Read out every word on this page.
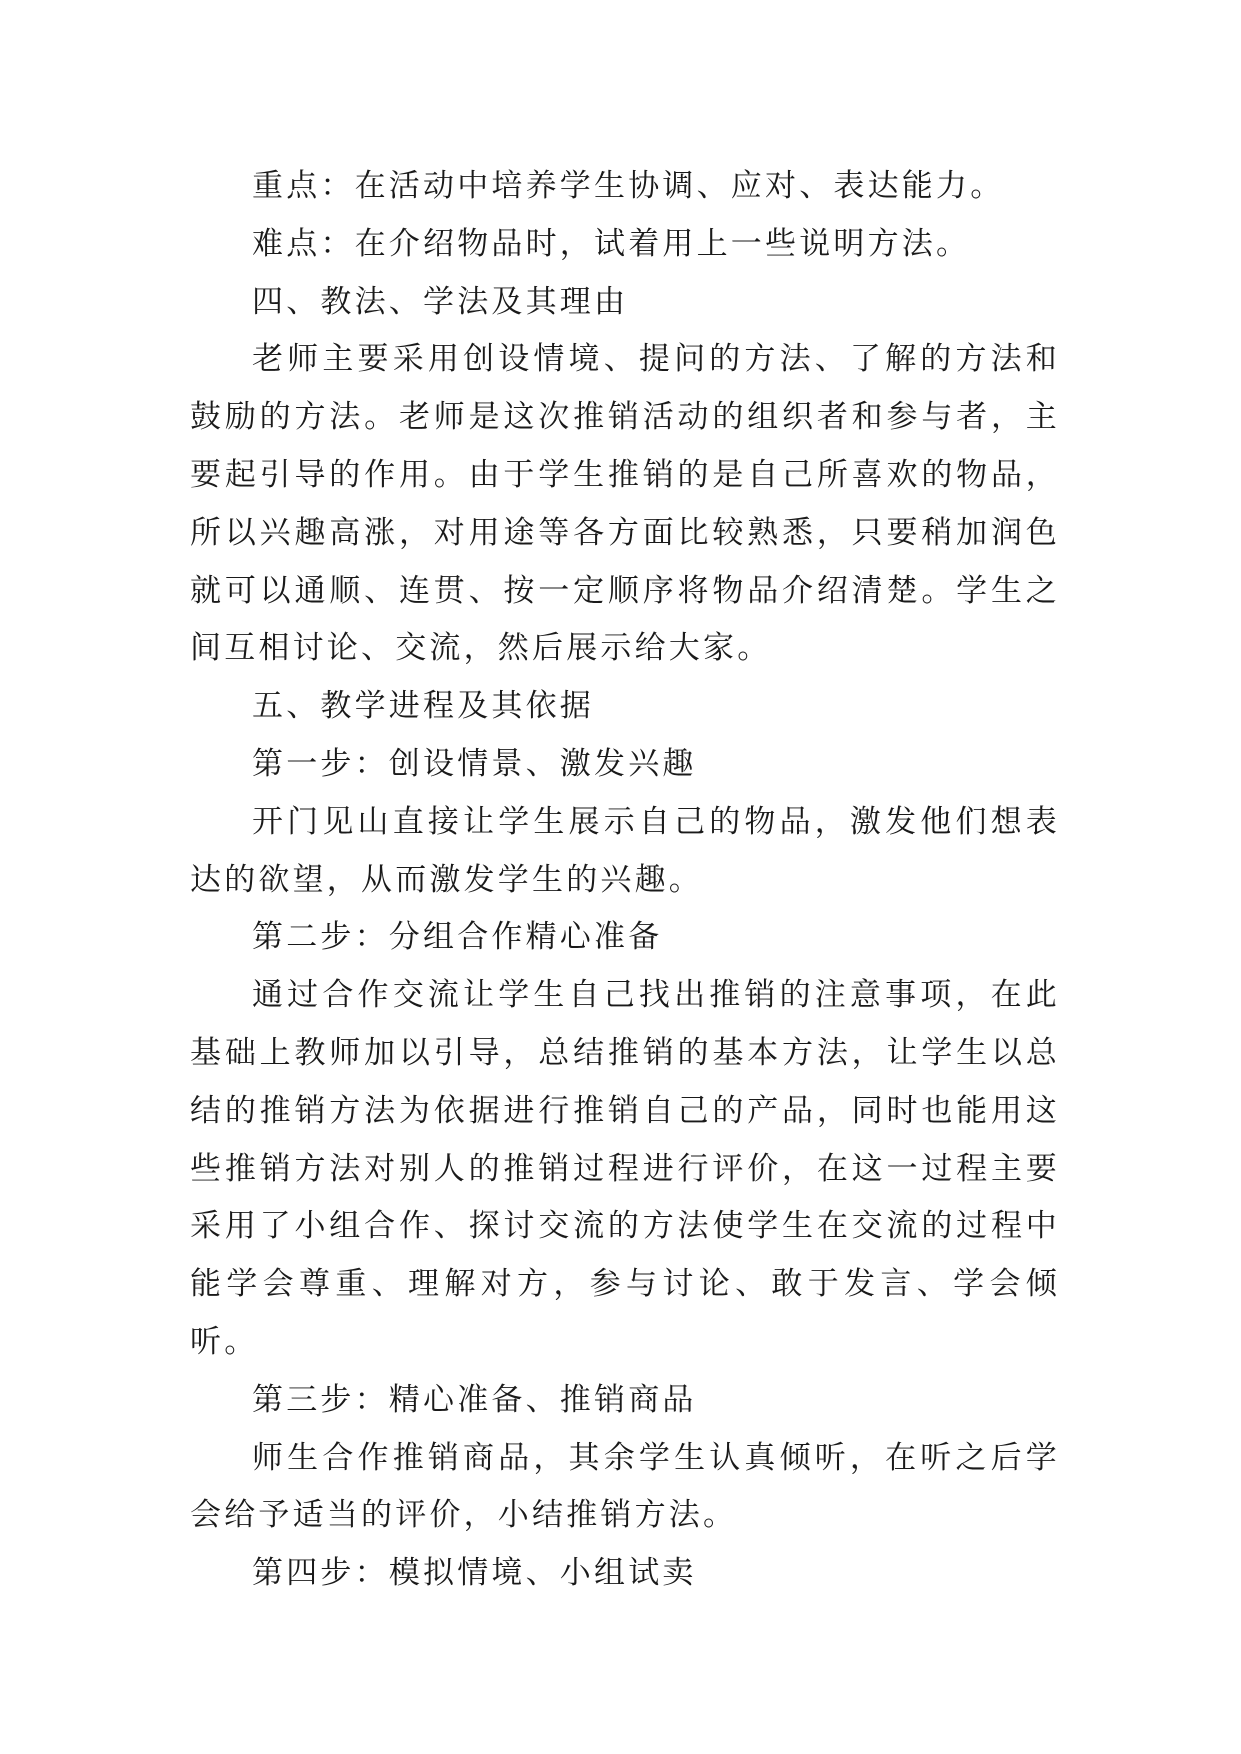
重点：在活动中培养学生协调、应对、表达能力。

难点：在介绍物品时，试着用上一些说明方法。

四、教法、学法及其理由

老师主要采用创设情境、提问的方法、了解的方法和鼓励的方法。老师是这次推销活动的组织者和参与者，主要起引导的作用。由于学生推销的是自己所喜欢的物品，所以兴趣高涨，对用途等各方面比较熟悉，只要稍加润色就可以通顺、连贯、按一定顺序将物品介绍清楚。学生之间互相讨论、交流，然后展示给大家。

五、教学进程及其依据

第一步：创设情景、激发兴趣

开门见山直接让学生展示自己的物品，激发他们想表达的欲望，从而激发学生的兴趣。

第二步：分组合作精心准备

通过合作交流让学生自己找出推销的注意事项，在此基础上教师加以引导，总结推销的基本方法，让学生以总结的推销方法为依据进行推销自己的产品，同时也能用这些推销方法对别人的推销过程进行评价，在这一过程主要采用了小组合作、探讨交流的方法使学生在交流的过程中能学会尊重、理解对方，参与讨论、敢于发言、学会倾听。

第三步：精心准备、推销商品

师生合作推销商品，其余学生认真倾听，在听之后学会给予适当的评价，小结推销方法。

第四步：模拟情境、小组试卖
